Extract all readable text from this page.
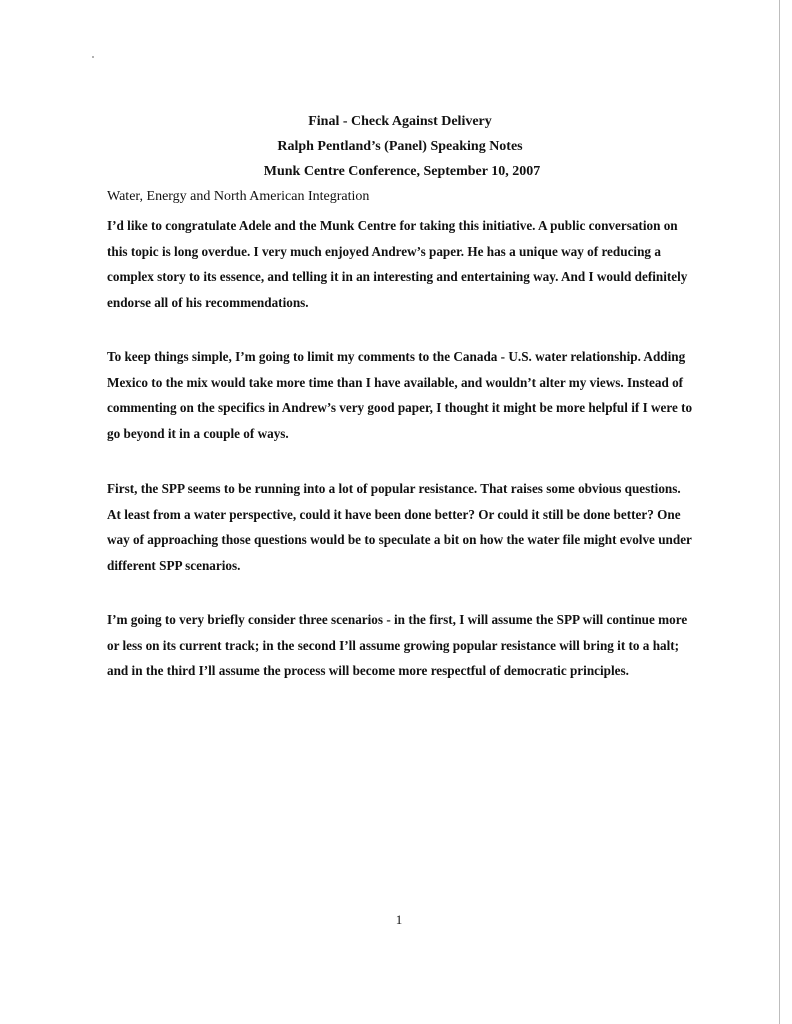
Final - Check Against Delivery
Ralph Pentland’s (Panel) Speaking Notes
Munk Centre Conference, September 10, 2007
Water, Energy and North American Integration

I’d like to congratulate Adele and the Munk Centre for taking this initiative. A public conversation on this topic is long overdue. I very much enjoyed Andrew’s paper. He has a unique way of reducing a complex story to its essence, and telling it in an interesting and entertaining way. And I would definitely endorse all of his recommendations.

To keep things simple, I’m going to limit my comments to the Canada - U.S. water relationship. Adding Mexico to the mix would take more time than I have available, and wouldn’t alter my views. Instead of commenting on the specifics in Andrew’s very good paper, I thought it might be more helpful if I were to go beyond it in a couple of ways.

First, the SPP seems to be running into a lot of popular resistance. That raises some obvious questions. At least from a water perspective, could it have been done better? Or could it still be done better? One way of approaching those questions would be to speculate a bit on how the water file might evolve under different SPP scenarios.

I’m going to very briefly consider three scenarios - in the first, I will assume the SPP will continue more or less on its current track; in the second I’ll assume growing popular resistance will bring it to a halt; and in the third I’ll assume the process will become more respectful of democratic principles.

1
